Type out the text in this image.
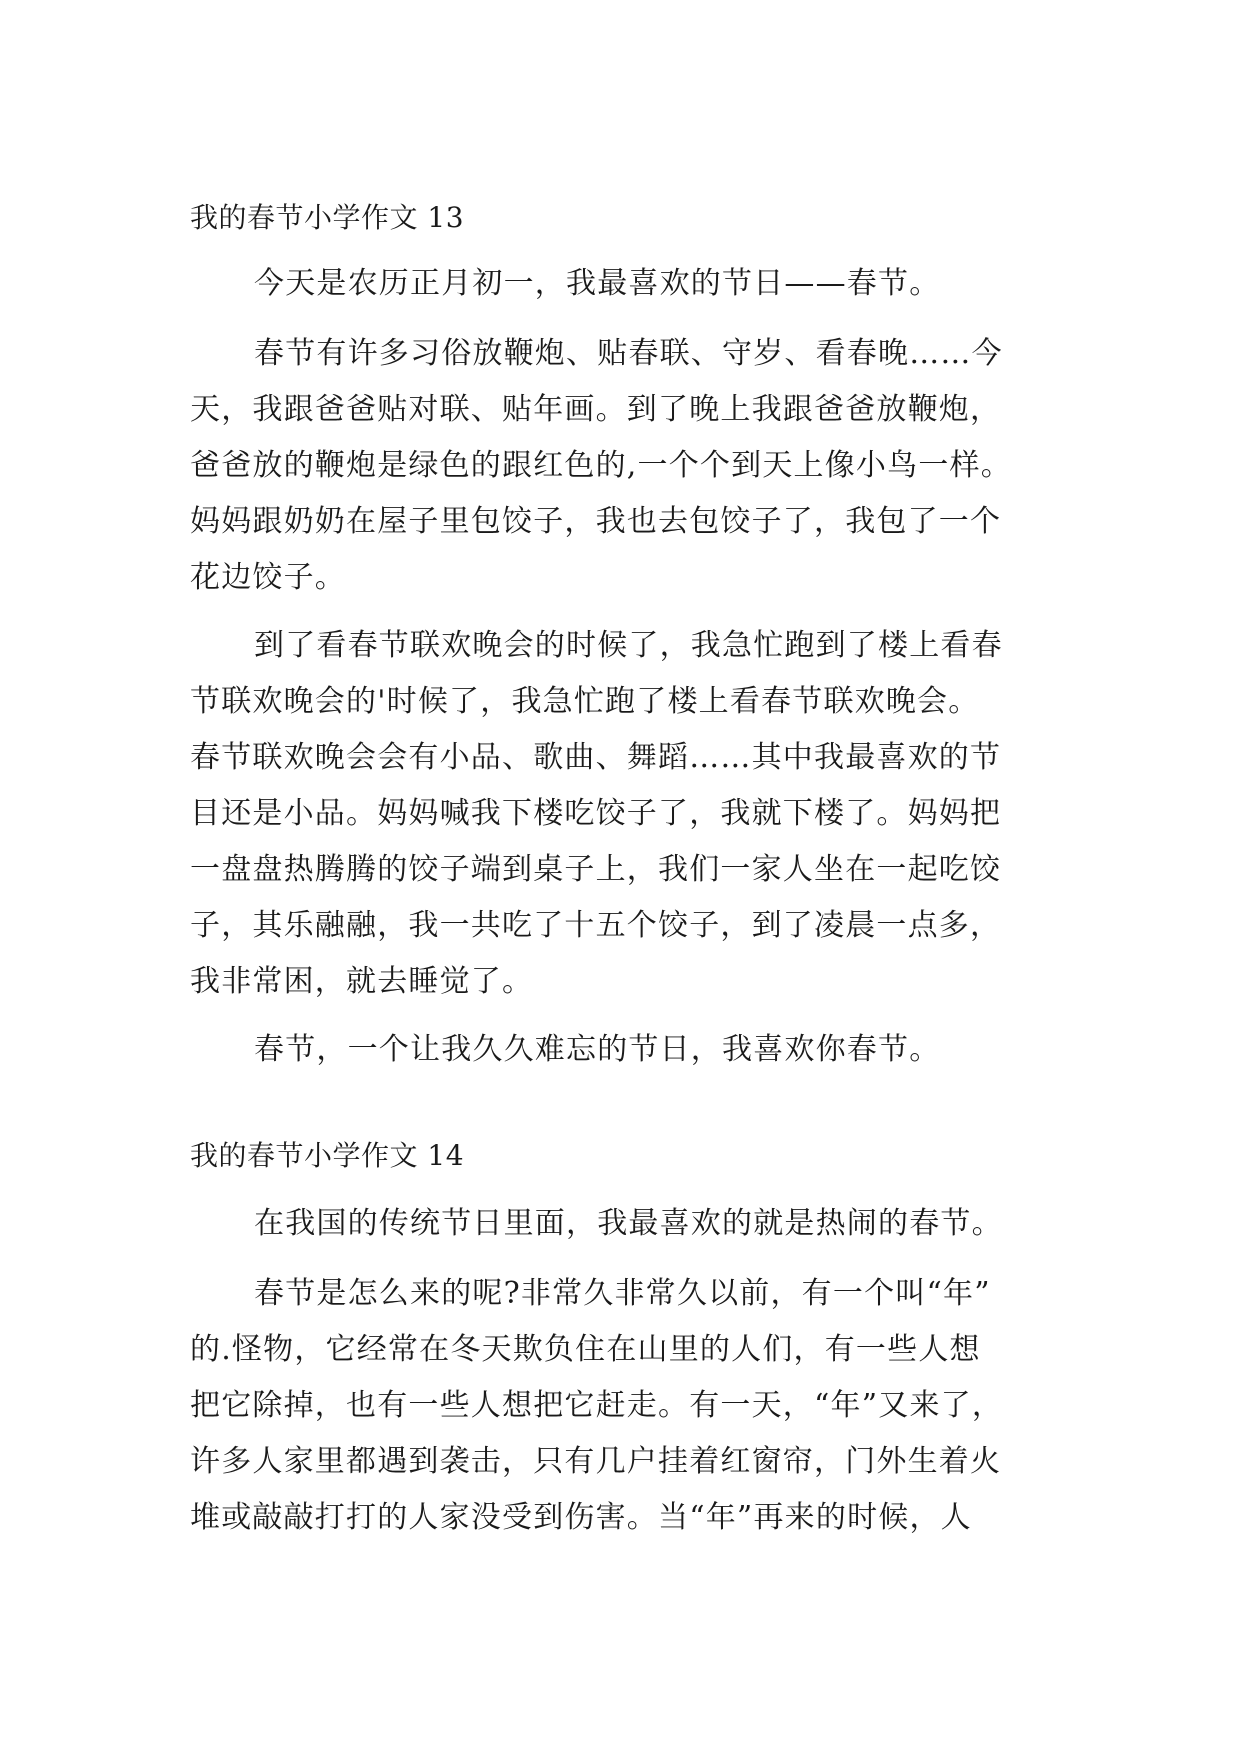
我的春节小学作文 13
今天是农历正月初一，我最喜欢的节日——春节。
春节有许多习俗放鞭炮、贴春联、守岁、看春晚……今
天，我跟爸爸贴对联、贴年画。到了晚上我跟爸爸放鞭炮，
爸爸放的鞭炮是绿色的跟红色的,一个个到天上像小鸟一样。
妈妈跟奶奶在屋子里包饺子，我也去包饺子了，我包了一个
花边饺子。
到了看春节联欢晚会的时候了，我急忙跑到了楼上看春
节联欢晚会的'时候了，我急忙跑了楼上看春节联欢晚会。
春节联欢晚会会有小品、歌曲、舞蹈……其中我最喜欢的节
目还是小品。妈妈喊我下楼吃饺子了，我就下楼了。妈妈把
一盘盘热腾腾的饺子端到桌子上，我们一家人坐在一起吃饺
子，其乐融融，我一共吃了十五个饺子，到了凌晨一点多，
我非常困，就去睡觉了。
春节，一个让我久久难忘的节日，我喜欢你春节。
我的春节小学作文 14
在我国的传统节日里面，我最喜欢的就是热闹的春节。
春节是怎么来的呢?非常久非常久以前，有一个叫“年”
的.怪物，它经常在冬天欺负住在山里的人们，有一些人想
把它除掉，也有一些人想把它赶走。有一天，“年”又来了，
许多人家里都遇到袭击，只有几户挂着红窗帘，门外生着火
堆或敲敲打打的人家没受到伤害。当“年”再来的时候，人
